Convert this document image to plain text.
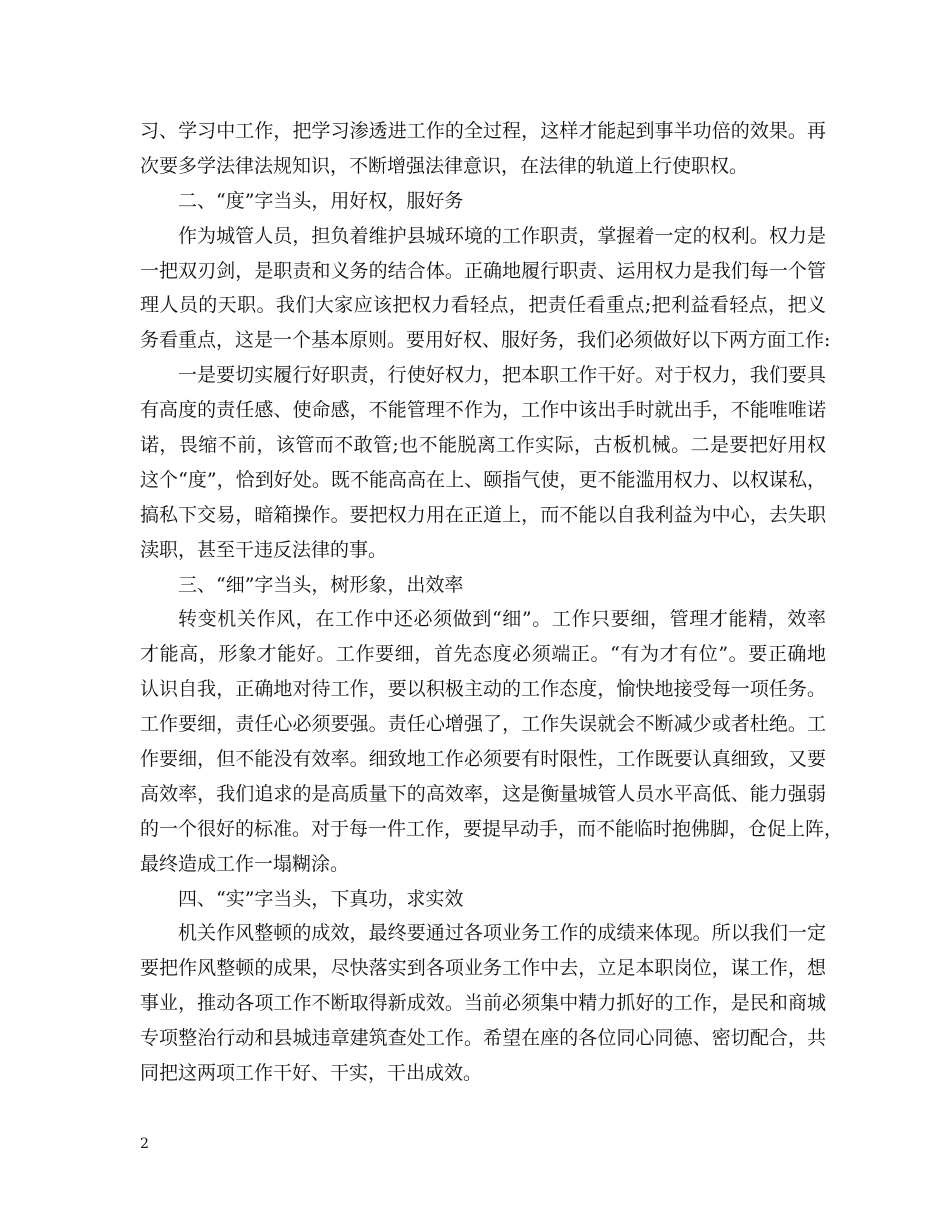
习、学习中工作，把学习渗透进工作的全过程，这样才能起到事半功倍的效果。再
次要多学法律法规知识，不断增强法律意识，在法律的轨道上行使职权。
二、“度”字当头，用好权，服好务
作为城管人员，担负着维护县城环境的工作职责，掌握着一定的权利。权力是
一把双刃剑，是职责和义务的结合体。正确地履行职责、运用权力是我们每一个管
理人员的天职。我们大家应该把权力看轻点，把责任看重点;把利益看轻点，把义
务看重点，这是一个基本原则。要用好权、服好务，我们必须做好以下两方面工作:
一是要切实履行好职责，行使好权力，把本职工作干好。对于权力，我们要具
有高度的责任感、使命感，不能管理不作为，工作中该出手时就出手，不能唯唯诺
诺，畏缩不前，该管而不敢管;也不能脱离工作实际，古板机械。二是要把好用权
这个“度”，恰到好处。既不能高高在上、颐指气使，更不能滥用权力、以权谋私，
搞私下交易，暗箱操作。要把权力用在正道上，而不能以自我利益为中心，去失职
渎职，甚至干违反法律的事。
三、“细”字当头，树形象，出效率
转变机关作风，在工作中还必须做到“细”。工作只要细，管理才能精，效率
才能高，形象才能好。工作要细，首先态度必须端正。“有为才有位”。要正确地
认识自我，正确地对待工作，要以积极主动的工作态度，愉快地接受每一项任务。
工作要细，责任心必须要强。责任心增强了，工作失误就会不断减少或者杜绝。工
作要细，但不能没有效率。细致地工作必须要有时限性，工作既要认真细致，又要
高效率，我们追求的是高质量下的高效率，这是衡量城管人员水平高低、能力强弱
的一个很好的标准。对于每一件工作，要提早动手，而不能临时抱佛脚，仓促上阵，
最终造成工作一塌糊涂。
四、“实”字当头，下真功，求实效
机关作风整顿的成效，最终要通过各项业务工作的成绩来体现。所以我们一定
要把作风整顿的成果，尽快落实到各项业务工作中去，立足本职岗位，谋工作，想
事业，推动各项工作不断取得新成效。当前必须集中精力抓好的工作，是民和商城
专项整治行动和县城违章建筑查处工作。希望在座的各位同心同德、密切配合，共
同把这两项工作干好、干实，干出成效。
2
